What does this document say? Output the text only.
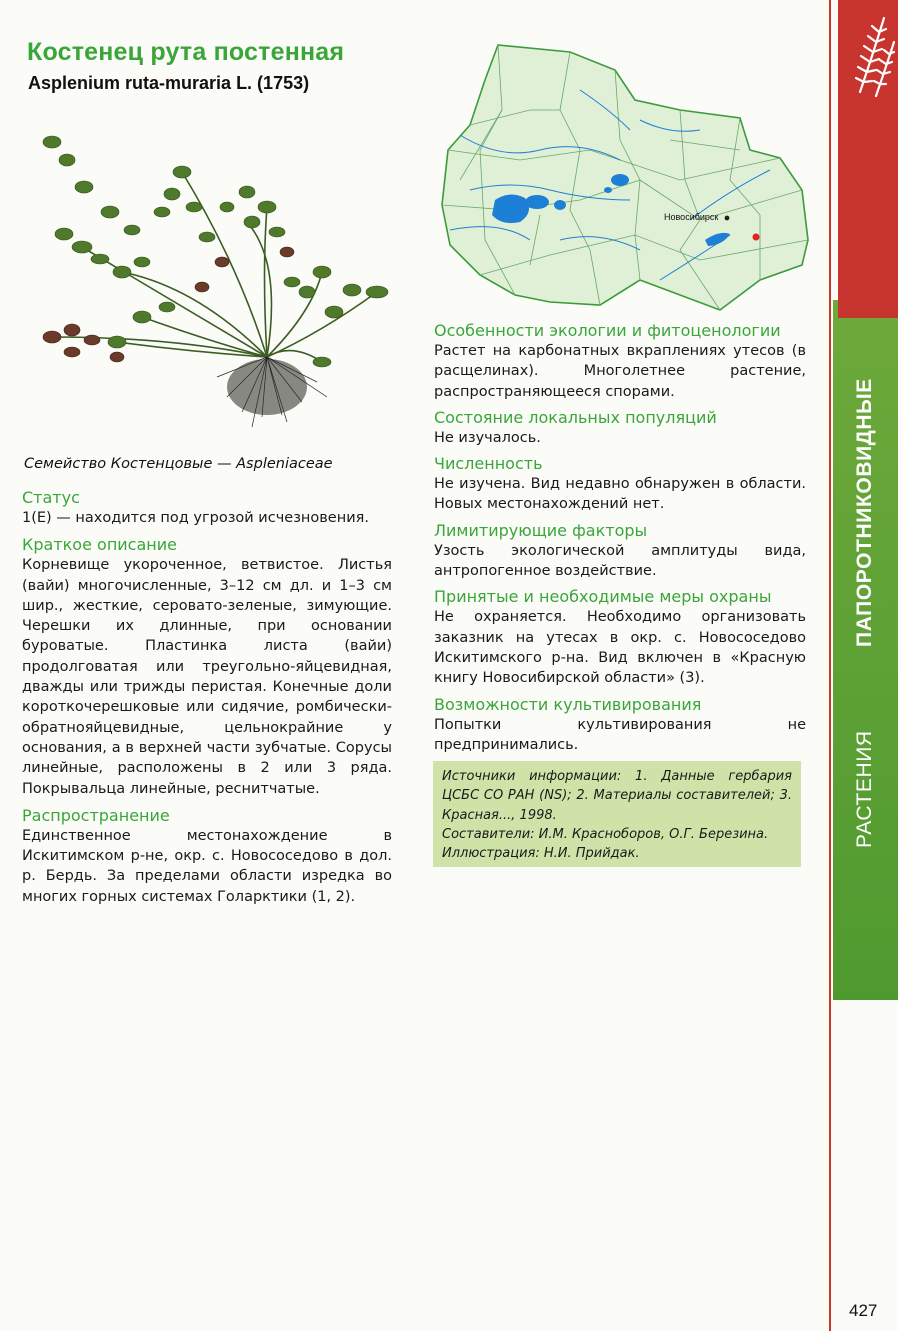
Костенец рута постенная
Asplenium ruta-muraria L. (1753)
Семейство Костенцовые — Aspleniaceae
Статус
1(Е) — находится под угрозой исчезновения.
Краткое описание
Корневище укороченное, ветвистое. Листья (вайи) многочисленные, 3–12 см дл. и 1–3 см шир., жесткие, серовато-зеленые, зимующие. Черешки их длинные, при основании буроватые. Пластинка листа (вайи) продолговатая или треугольно-яйцевидная, дважды или трижды перистая. Конечные доли короткочерешковые или сидячие, ромбически-обратнояйцевидные, цельнокрайние у основания, а в верхней части зубчатые. Сорусы линейные, расположены в 2 или 3 ряда. Покрывальца линейные, реснитчатые.
Распространение
Единственное местонахождение в Искитимском р-не, окр. с. Новососедово в дол. р. Бердь. За пределами области изредка во многих горных системах Голарктики (1, 2).
Новосибирск
Особенности экологии и фитоценологии
Растет на карбонатных вкраплениях утесов (в расщелинах). Многолетнее растение, распространяющееся спорами.
Состояние локальных популяций
Не изучалось.
Численность
Не изучена. Вид недавно обнаружен в области. Новых местонахождений нет.
Лимитирующие факторы
Узость экологической амплитуды вида, антропогенное воздействие.
Принятые и необходимые меры охраны
Не охраняется. Необходимо организовать заказник на утесах в окр. с. Новососедово Искитимского р-на. Вид включен в «Красную книгу Новосибирской области» (3).
Возможности культивирования
Попытки культивирования не предпринимались.
Источники информации: 1. Данные гербария ЦСБС СО РАН (NS); 2. Материалы составителей; 3. Красная..., 1998.
Составители: И.М. Красноборов, О.Г. Березина.
Иллюстрация: Н.И. Прийдак.
ПАПОРОТНИКОВИДНЫЕ
РАСТЕНИЯ
427
